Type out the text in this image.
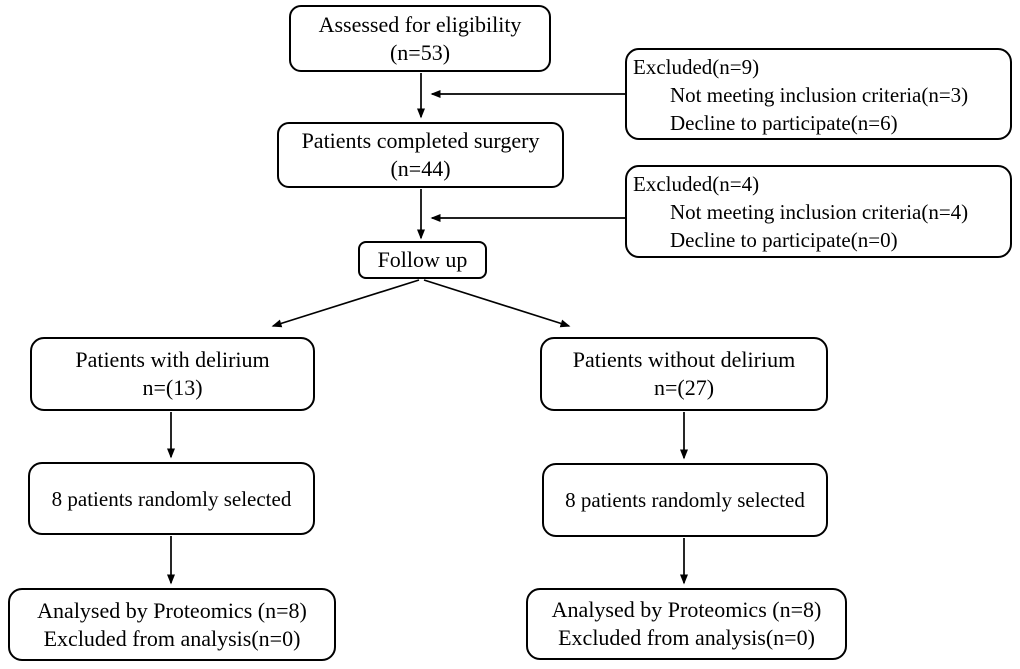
Assessed for eligibility
(n=53)
Excluded(n=9)
Not meeting inclusion criteria(n=3)
Decline to participate(n=6)
Patients completed surgery
(n=44)
Excluded(n=4)
Not meeting inclusion criteria(n=4)
Decline to participate(n=0)
Follow up
Patients with delirium
n=(13)
Patients without delirium
n=(27)
8 patients randomly selected	8 patients randomly selected
Analysed by Proteomics (n=8)
Excluded from analysis(n=0)
Analysed by Proteomics (n=8)
Excluded from analysis(n=0)
